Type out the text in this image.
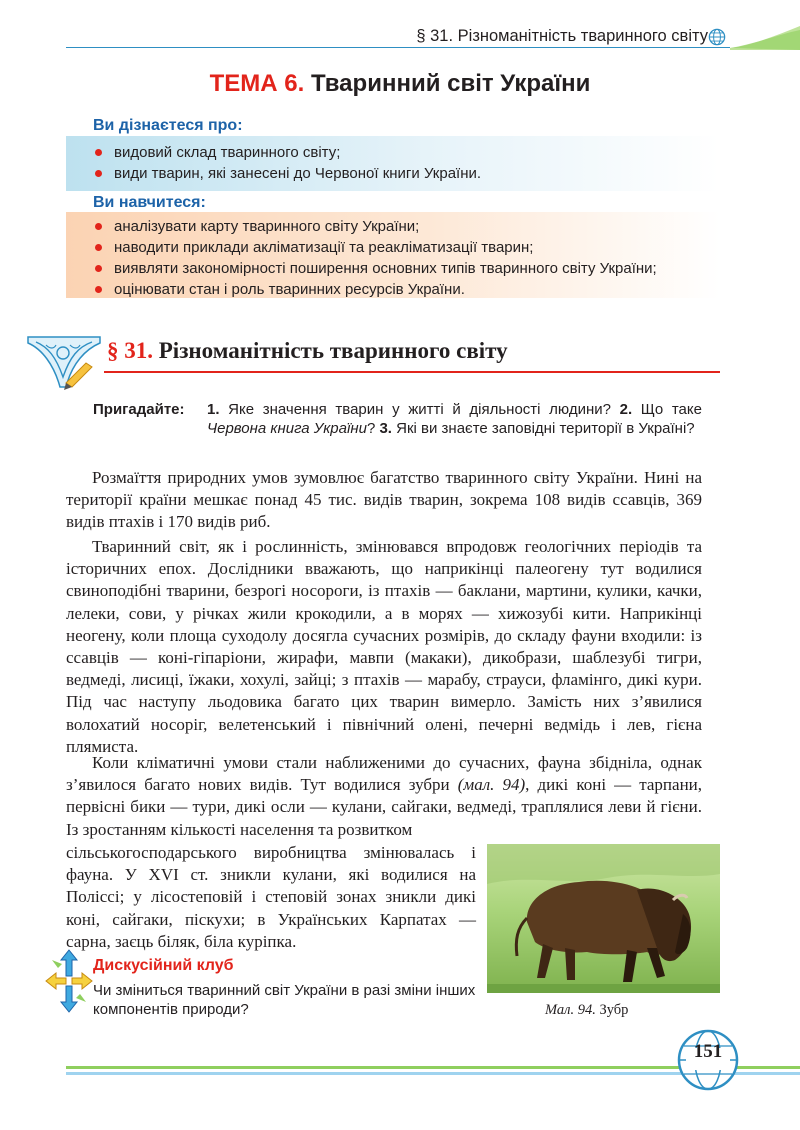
§ 31. Різноманітність тваринного світу
ТЕМА 6. Тваринний світ України
Ви дізнаєтеся про:
видовий склад тваринного світу;
види тварин, які занесені до Червоної книги України.
Ви навчитеся:
аналізувати карту тваринного світу України;
наводити приклади акліматизації та реакліматизації тварин;
виявляти закономірності поширення основних типів тваринного світу України;
оцінювати стан і роль тваринних ресурсів України.
§ 31. Різноманітність тваринного світу
Пригадайте: 1. Яке значення тварин у житті й діяльності людини? 2. Що таке Червона книга України? 3. Які ви знаєте заповідні території в Україні?
Розмаїття природних умов зумовлює багатство тваринного світу України. Нині на території країни мешкає понад 45 тис. видів тварин, зокрема 108 видів ссавців, 369 видів птахів і 170 видів риб.
Тваринний світ, як і рослинність, змінювався впродовж геологічних періодів та історичних епох. Дослідники вважають, що наприкінці палеогену тут водилися свиноподібні тварини, безрогі носороги, із птахів — баклани, мартини, кулики, качки, лелеки, сови, у річках жили крокодили, а в морях — хижозубі кити. Наприкінці неогену, коли площа суходолу досягла сучасних розмірів, до складу фауни входили: із ссавців — коні-гіпаріони, жирафи, мавпи (макаки), дикобрази, шаблезубі тигри, ведмеді, лисиці, їжаки, хохулі, зайці; з птахів — марабу, страуси, фламінго, дикі кури. Під час наступу льодовика багато цих тварин вимерло. Замість них з’явилися волохатий носоріг, велетенський і північний олені, печерні ведмідь і лев, гієна плямиста.
Коли кліматичні умови стали наближеними до сучасних, фауна збідніла, однак з’явилося багато нових видів. Тут водилися зубри (мал. 94), дикі коні — тарпани, первісні бики — тури, дикі осли — кулани, сайгаки, ведмеді, траплялися леви й гієни. Із зростанням кількості населення та розвитком
сільськогосподарського виробництва змінювалась і фауна. У XVI ст. зникли кулани, які водилися на Поліссі; у лісостеповій і степовій зонах зникли дикі коні, сайгаки, піскухи; в Українських Карпатах — сарна, заєць біляк, біла куріпка.
Мал. 94. Зубр
Дискусійний клуб
Чи зміниться тваринний світ України в разі зміни інших компонентів природи?
151
